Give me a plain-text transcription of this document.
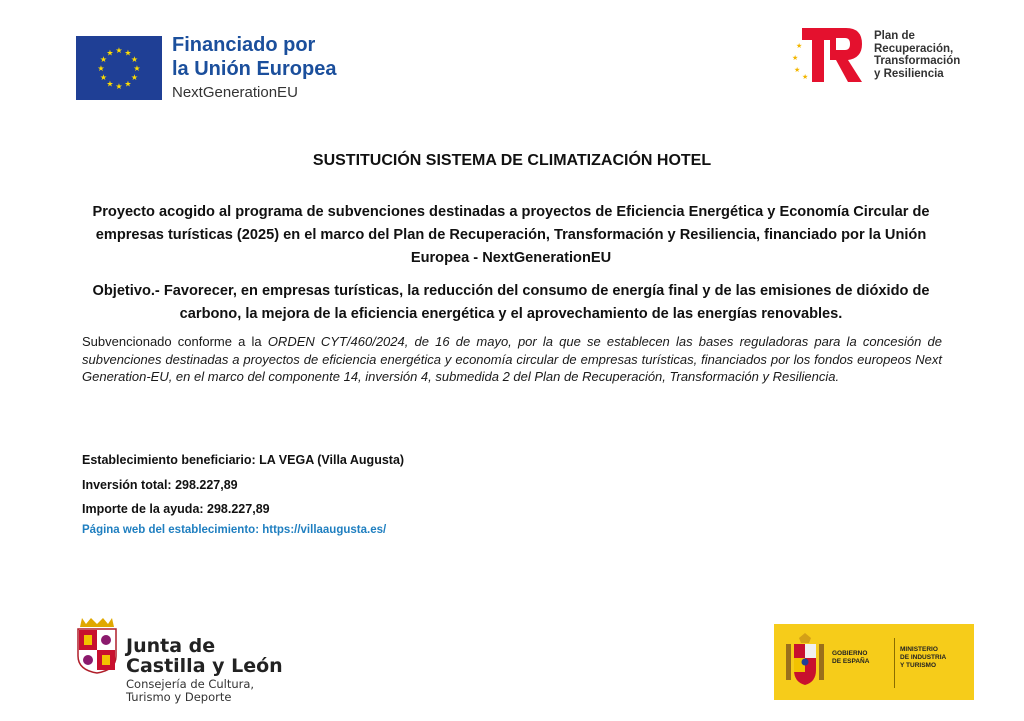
★ ★
★
★
★
★
★
★
★
★
★
★	Financiado por
la Unión Europea
NextGenerationEU
★
★
★
★
Plan de
Recuperación,
Transformación
y Resiliencia
SUSTITUCIÓN SISTEMA DE CLIMATIZACIÓN HOTEL
Proyecto acogido al programa de subvenciones destinadas a proyectos de Eficiencia Energética y Economía Circular de empresas turísticas (2025) en el marco del Plan de Recuperación, Transformación y Resiliencia, financiado por la Unión Europea - NextGenerationEU
Objetivo.- Favorecer, en empresas turísticas, la reducción del consumo de energía final y de las emisiones de dióxido de carbono, la mejora de la eficiencia energética y el aprovechamiento de las energías renovables.
Subvencionado conforme a la ORDEN CYT/460/2024, de 16 de mayo, por la que se establecen las bases reguladoras para la concesión de subvenciones destinadas a proyectos de eficiencia energética y economía circular de empresas turísticas, financiados por los fondos europeos Next Generation-EU, en el marco del componente 14, inversión 4, submedida 2 del Plan de Recuperación, Transformación y Resiliencia.
Establecimiento beneficiario: LA VEGA (Villa Augusta)
Inversión total: 298.227,89
Importe de la ayuda: 298.227,89
Página web del establecimiento: https://villaaugusta.es/
Junta de
Castilla y León
Consejería de Cultura,
Turismo y Deporte
GOBIERNO
DE ESPAÑA
MINISTERIO
DE INDUSTRIA
Y TURISMO
